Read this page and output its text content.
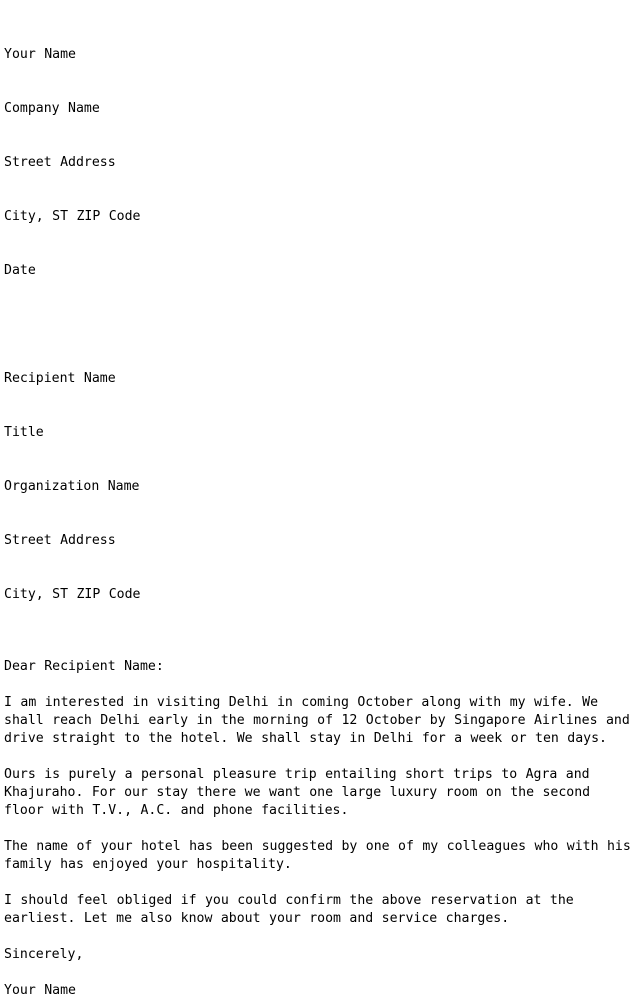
Your Name

Company Name

Street Address

City, ST ZIP Code

Date

Recipient Name

Title

Organization Name

Street Address

City, ST ZIP Code

Dear Recipient Name:
I am interested in visiting Delhi in coming October along with my wife. We shall reach Delhi early in the morning of 12 October by Singapore Airlines and drive straight to the hotel. We shall stay in Delhi for a week or ten days.
Ours is purely a personal pleasure trip entailing short trips to Agra and Khajuraho. For our stay there we want one large luxury room on the second floor with T.V., A.C. and phone facilities.
The name of your hotel has been suggested by one of my colleagues who with his family has enjoyed your hospitality.
I should feel obliged if you could confirm the above reservation at the earliest. Let me also know about your room and service charges.
Sincerely,
Your Name
